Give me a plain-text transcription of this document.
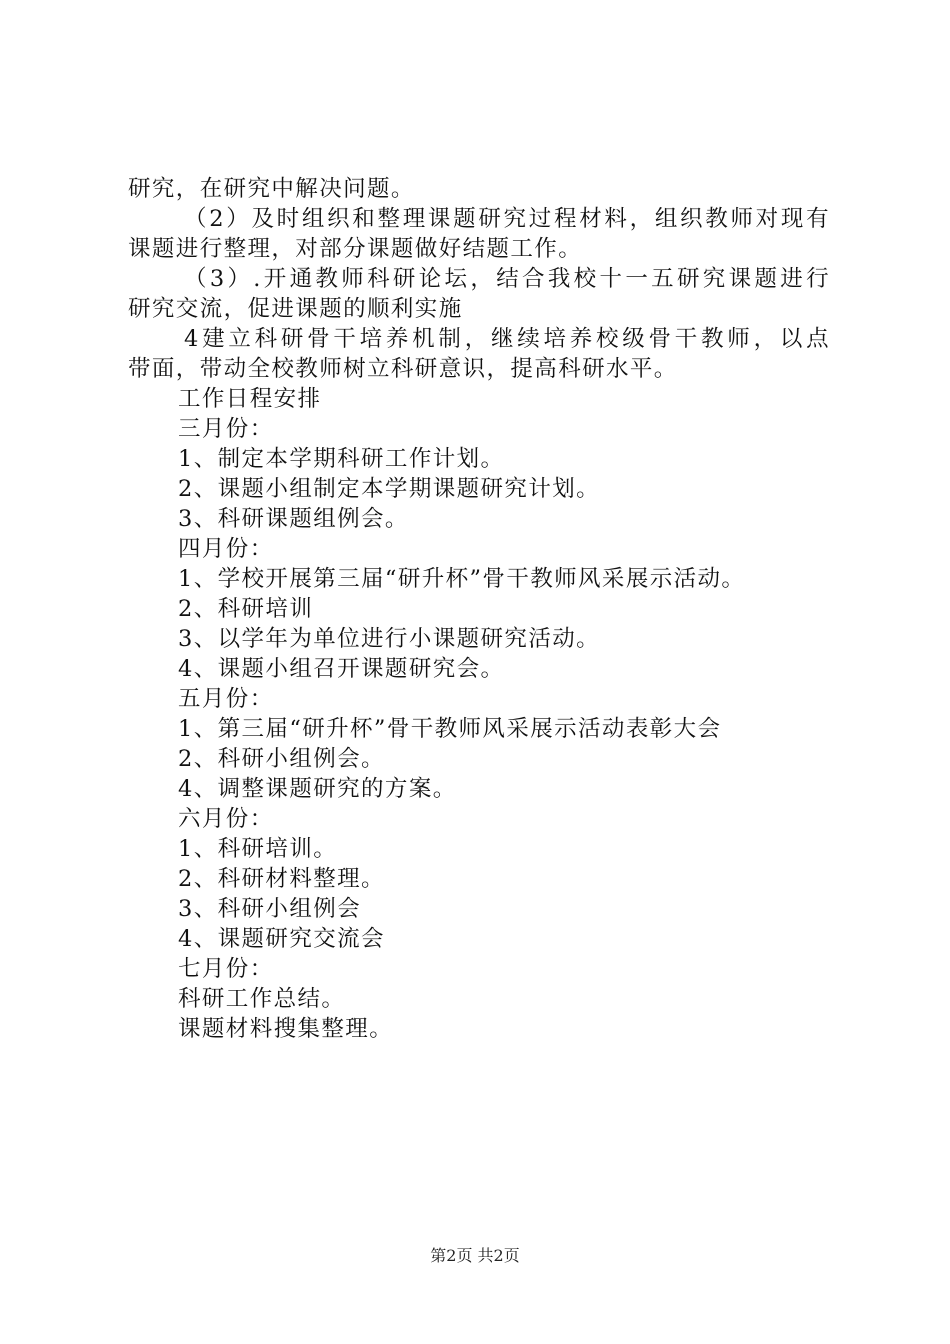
研究，在研究中解决问题。
（2）及时组织和整理课题研究过程材料，组织教师对现有
课题进行整理，对部分课题做好结题工作。
（3）.开通教师科研论坛，结合我校十一五研究课题进行
研究交流，促进课题的顺利实施
4建立科研骨干培养机制，继续培养校级骨干教师，以点
带面，带动全校教师树立科研意识，提高科研水平。
工作日程安排
三月份：
1、制定本学期科研工作计划。
2、课题小组制定本学期课题研究计划。
3、科研课题组例会。
四月份：
1、学校开展第三届“研升杯”骨干教师风采展示活动。
2、科研培训
3、以学年为单位进行小课题研究活动。
4、课题小组召开课题研究会。
五月份：
1、第三届“研升杯”骨干教师风采展示活动表彰大会
2、科研小组例会。
4、调整课题研究的方案。
六月份：
1、科研培训。
2、科研材料整理。
3、科研小组例会
4、课题研究交流会
七月份：
科研工作总结。
课题材料搜集整理。
第2页 共2页
